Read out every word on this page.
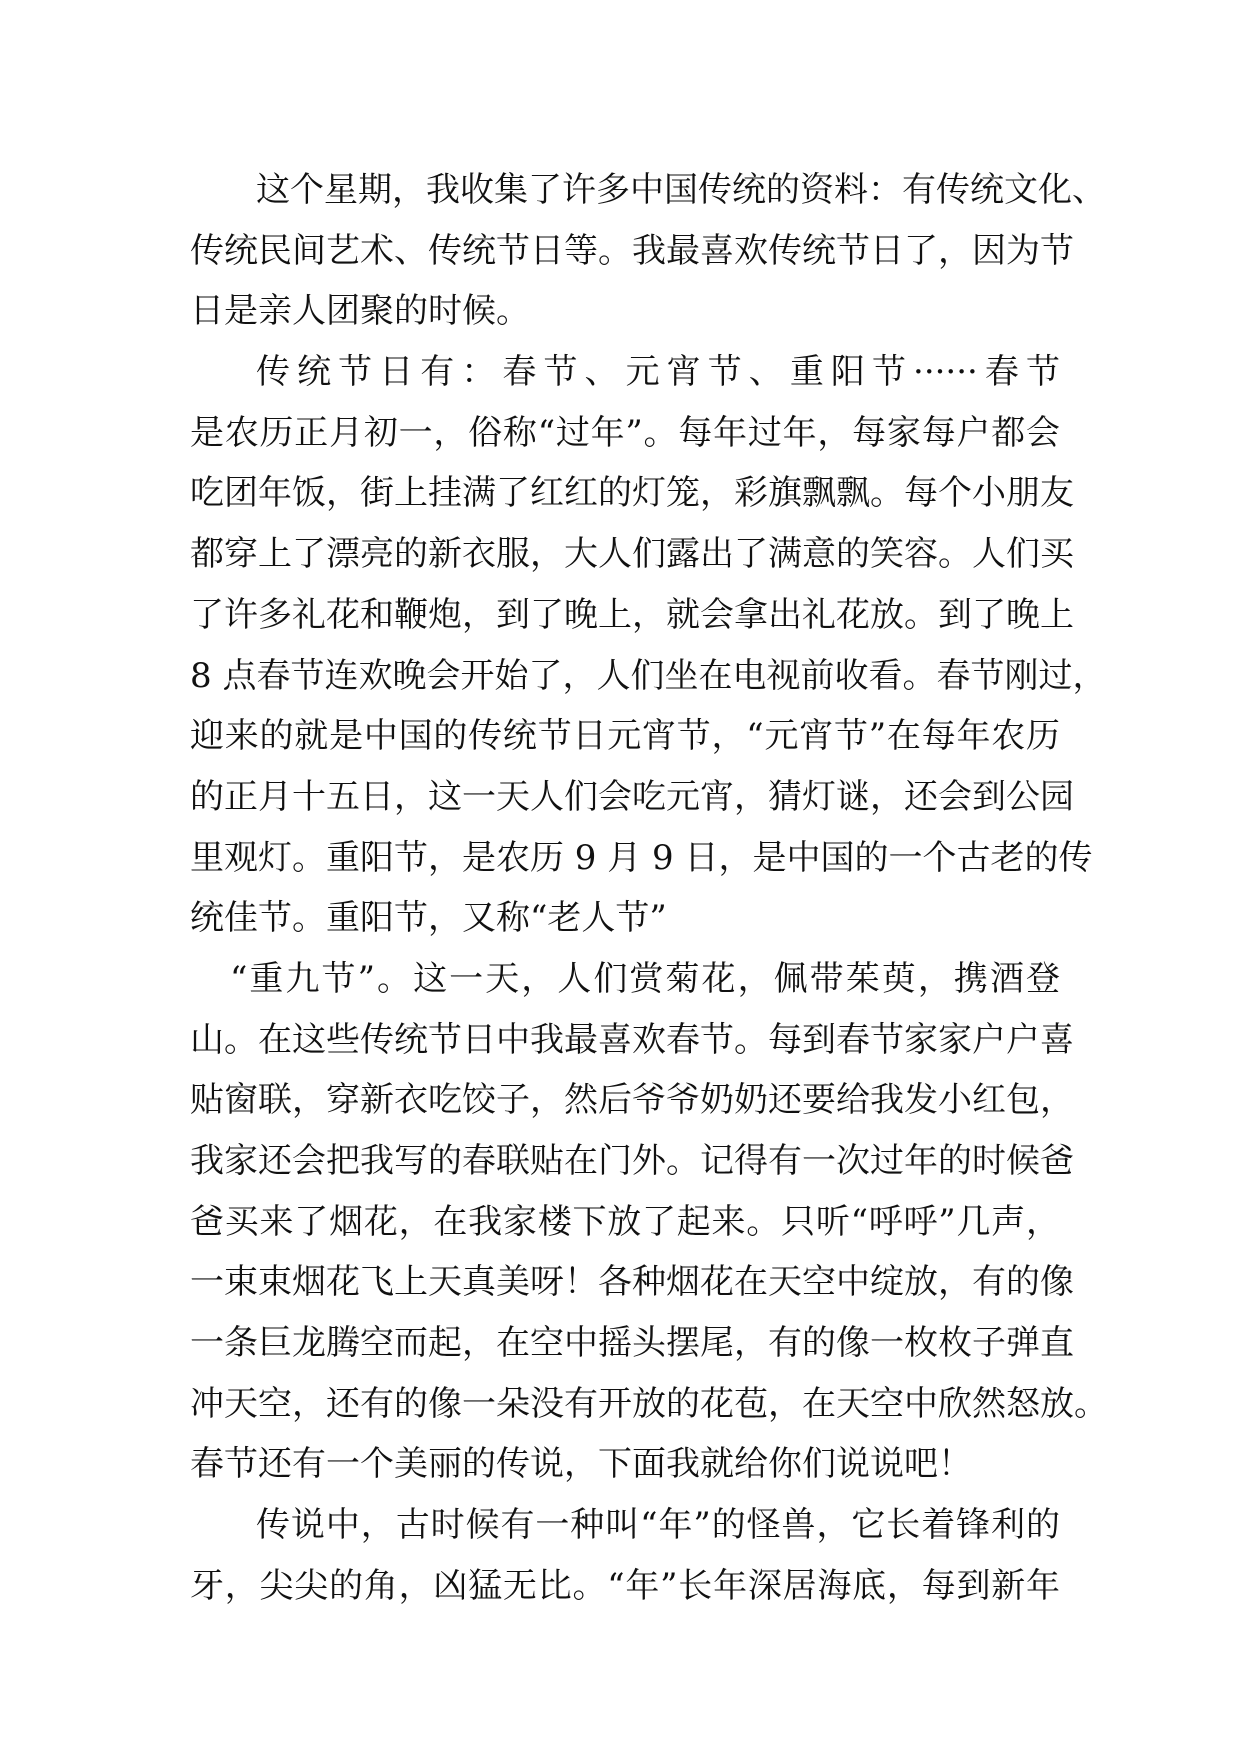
这个星期，我收集了许多中国传统的资料：有传统文化、
传统民间艺术、传统节日等。我最喜欢传统节日了，因为节
日是亲人团聚的时候。
传统节日有：春节、元宵节、重阳节······春节
是农历正月初一，俗称“过年”。每年过年，每家每户都会
吃团年饭，街上挂满了红红的灯笼，彩旗飘飘。每个小朋友
都穿上了漂亮的新衣服，大人们露出了满意的笑容。人们买
了许多礼花和鞭炮，到了晚上，就会拿出礼花放。到了晚上
8 点春节连欢晚会开始了，人们坐在电视前收看。春节刚过，
迎来的就是中国的传统节日元宵节，“元宵节”在每年农历
的正月十五日，这一天人们会吃元宵，猜灯谜，还会到公园
里观灯。重阳节，是农历 9 月 9 日，是中国的一个古老的传
统佳节。重阳节，又称“老人节”
“重九节”。这一天，人们赏菊花，佩带茱萸，携酒登
山。在这些传统节日中我最喜欢春节。每到春节家家户户喜
贴窗联，穿新衣吃饺子，然后爷爷奶奶还要给我发小红包，
我家还会把我写的春联贴在门外。记得有一次过年的时候爸
爸买来了烟花，在我家楼下放了起来。只听“呼呼”几声，
一束束烟花飞上天真美呀！各种烟花在天空中绽放，有的像
一条巨龙腾空而起，在空中摇头摆尾，有的像一枚枚子弹直
冲天空，还有的像一朵没有开放的花苞，在天空中欣然怒放。
春节还有一个美丽的传说，下面我就给你们说说吧！
传说中，古时候有一种叫“年”的怪兽，它长着锋利的
牙，尖尖的角，凶猛无比。“年”长年深居海底，每到新年
